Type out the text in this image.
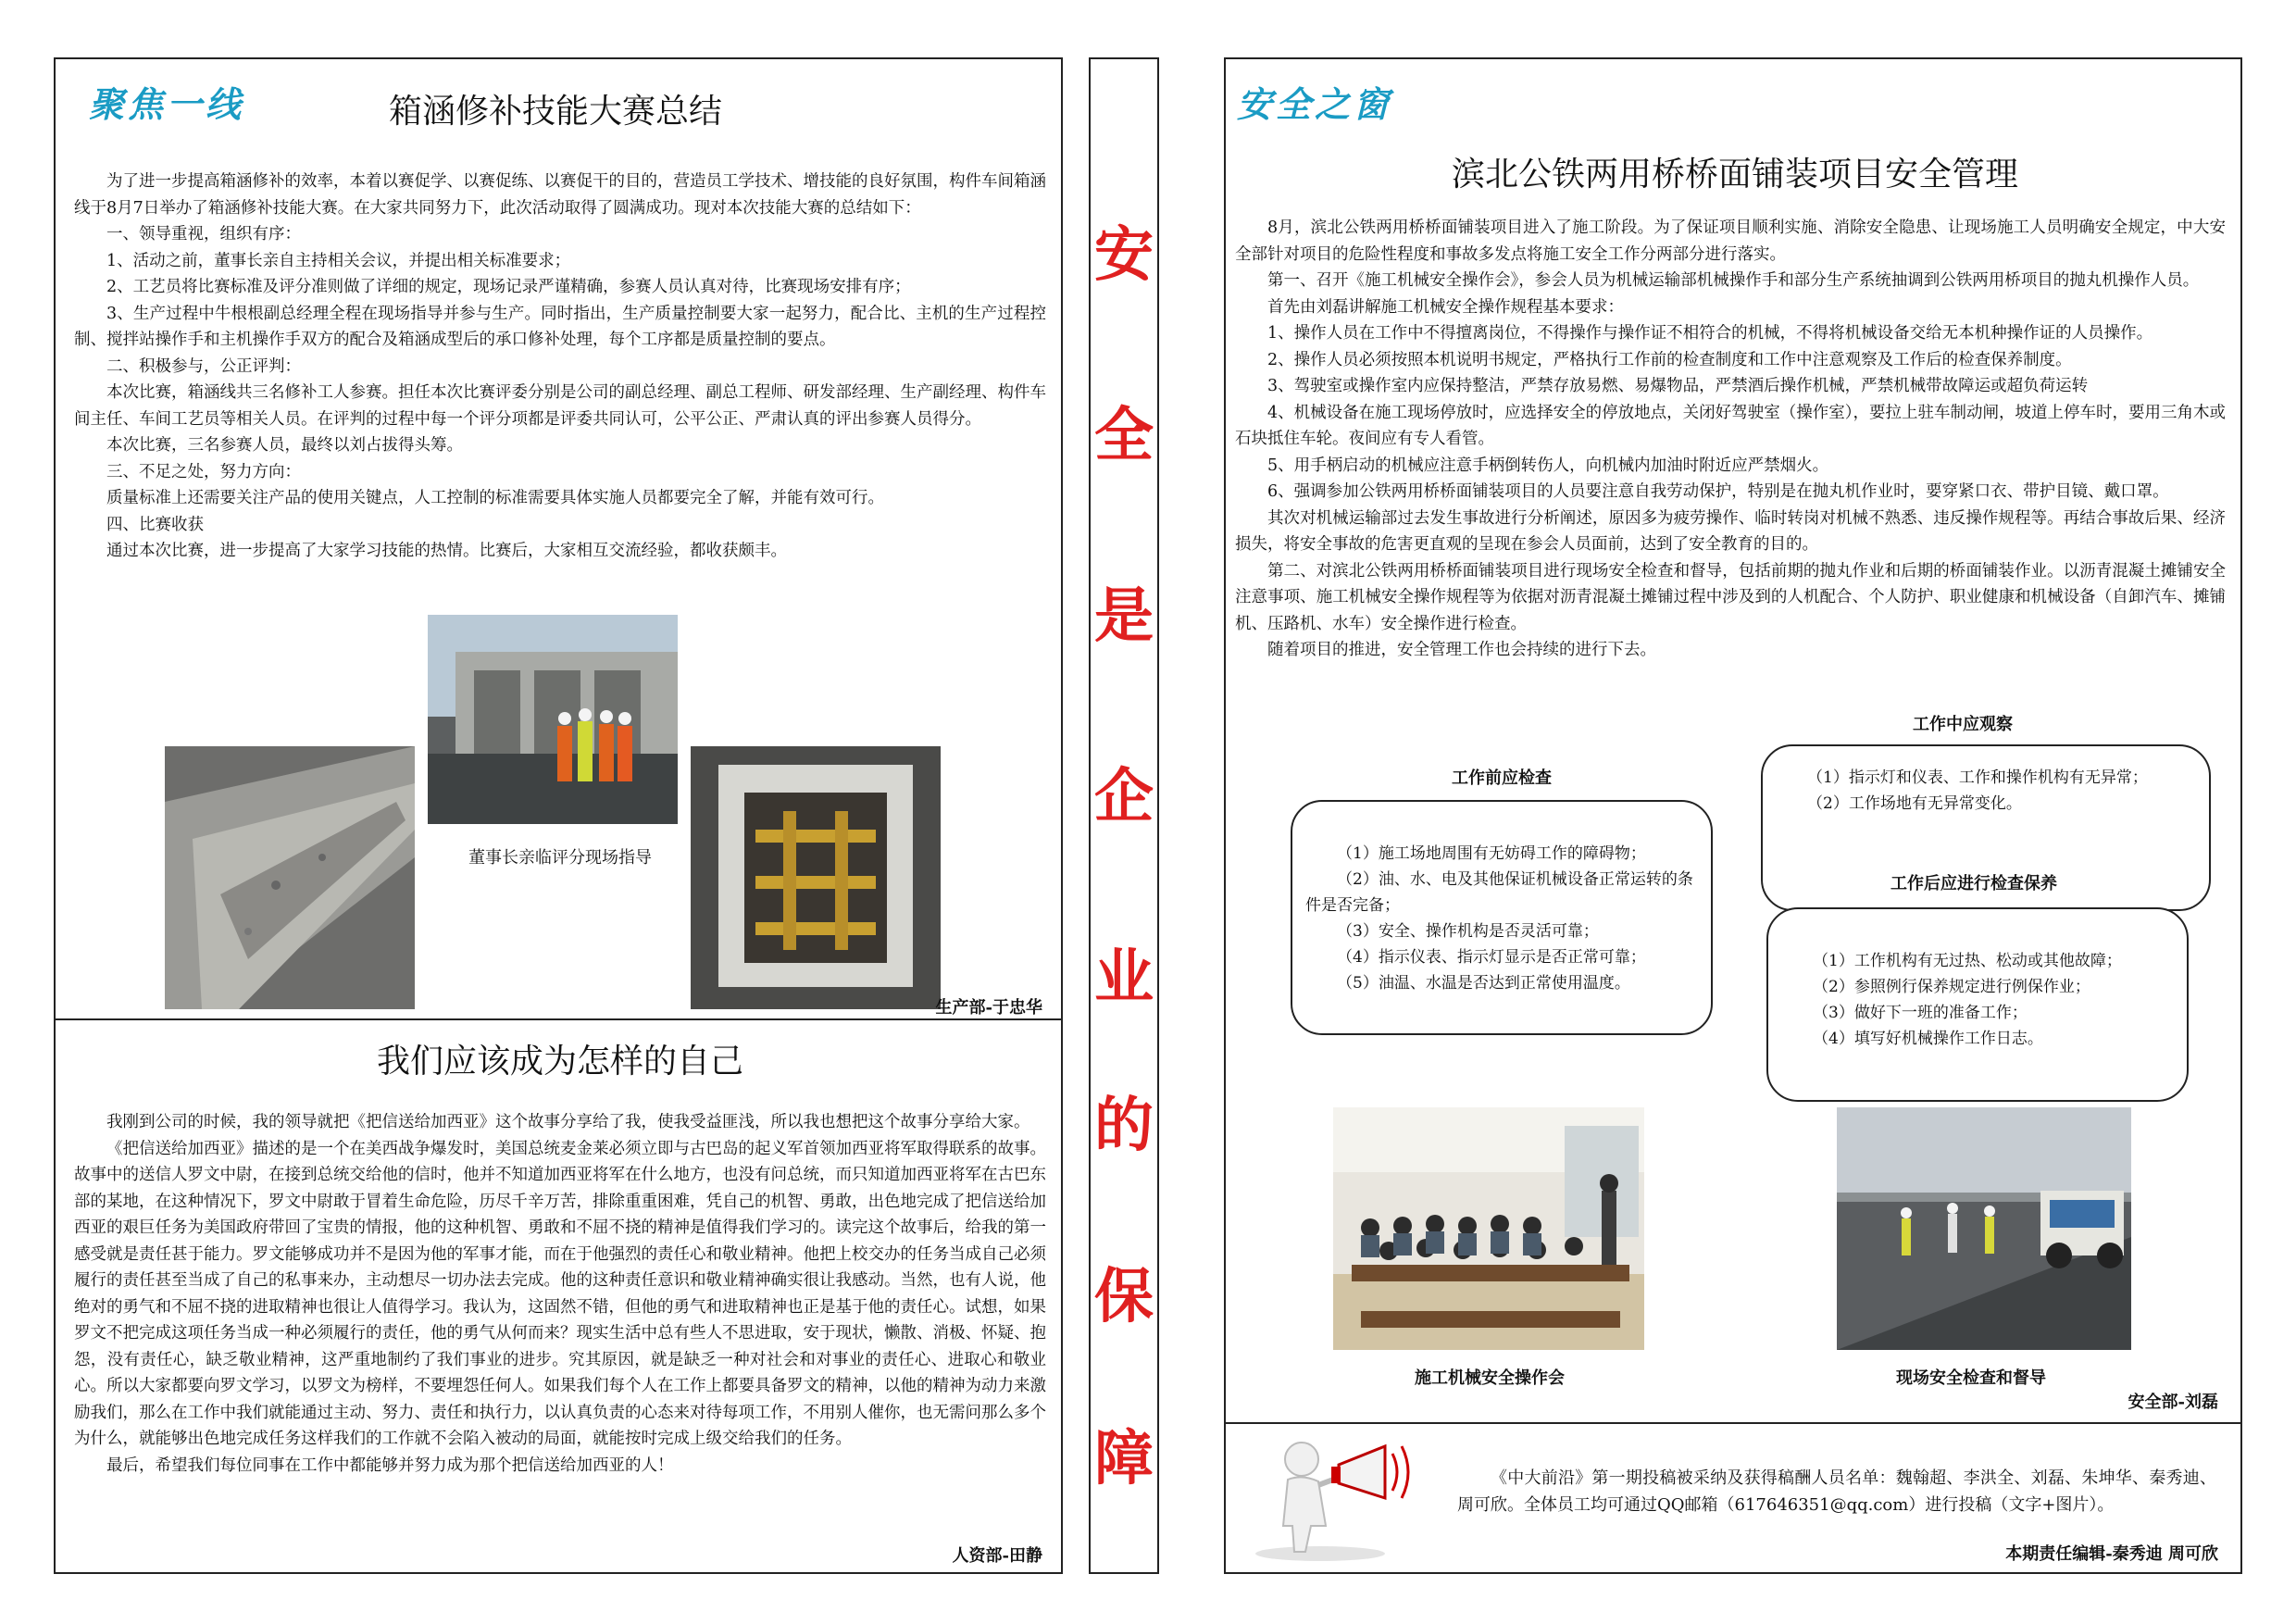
聚焦一线	箱涵修补技能大赛总结

为了进一步提高箱涵修补的效率，本着以赛促学、以赛促练、以赛促干的目的，营造员工学技术、增技能的良好氛围，构件车间箱涵线于8月7日举办了箱涵修补技能大赛。在大家共同努力下，此次活动取得了圆满成功。现对本次技能大赛的总结如下：

一、领导重视，组织有序：

1、活动之前，董事长亲自主持相关会议，并提出相关标准要求；

2、工艺员将比赛标准及评分准则做了详细的规定，现场记录严谨精确，参赛人员认真对待，比赛现场安排有序；

3、生产过程中牛根根副总经理全程在现场指导并参与生产。同时指出，生产质量控制要大家一起努力，配合比、主机的生产过程控制、搅拌站操作手和主机操作手双方的配合及箱涵成型后的承口修补处理，每个工序都是质量控制的要点。

二、积极参与，公正评判：

本次比赛，箱涵线共三名修补工人参赛。担任本次比赛评委分别是公司的副总经理、副总工程师、研发部经理、生产副经理、构件车间主任、车间工艺员等相关人员。在评判的过程中每一个评分项都是评委共同认可，公平公正、严肃认真的评出参赛人员得分。

本次比赛，三名参赛人员，最终以刘占拔得头筹。

三、不足之处，努力方向：

质量标准上还需要关注产品的使用关键点，人工控制的标准需要具体实施人员都要完全了解，并能有效可行。

四、比赛收获

通过本次比赛，进一步提高了大家学习技能的热情。比赛后，大家相互交流经验，都收获颇丰。

董事长亲临评分现场指导
生产部-于忠华
我们应该成为怎样的自己

我刚到公司的时候，我的领导就把《把信送给加西亚》这个故事分享给了我，使我受益匪浅，所以我也想把这个故事分享给大家。

《把信送给加西亚》描述的是一个在美西战争爆发时，美国总统麦金莱必须立即与古巴岛的起义军首领加西亚将军取得联系的故事。故事中的送信人罗文中尉，在接到总统交给他的信时，他并不知道加西亚将军在什么地方，也没有问总统，而只知道加西亚将军在古巴东部的某地，在这种情况下，罗文中尉敢于冒着生命危险，历尽千辛万苦，排除重重困难，凭自己的机智、勇敢，出色地完成了把信送给加西亚的艰巨任务为美国政府带回了宝贵的情报，他的这种机智、勇敢和不屈不挠的精神是值得我们学习的。读完这个故事后，给我的第一感受就是责任甚于能力。罗文能够成功并不是因为他的军事才能，而在于他强烈的责任心和敬业精神。他把上校交办的任务当成自己必须履行的责任甚至当成了自己的私事来办，主动想尽一切办法去完成。他的这种责任意识和敬业精神确实很让我感动。当然，也有人说，他绝对的勇气和不屈不挠的进取精神也很让人值得学习。我认为，这固然不错，但他的勇气和进取精神也正是基于他的责任心。试想，如果罗文不把完成这项任务当成一种必须履行的责任，他的勇气从何而来？现实生活中总有些人不思进取，安于现状，懒散、消极、怀疑、抱怨，没有责任心，缺乏敬业精神，这严重地制约了我们事业的进步。究其原因，就是缺乏一种对社会和对事业的责任心、进取心和敬业心。所以大家都要向罗文学习，以罗文为榜样，不要埋怨任何人。如果我们每个人在工作上都要具备罗文的精神，以他的精神为动力来激励我们，那么在工作中我们就能通过主动、努力、责任和执行力，以认真负责的心态来对待每项工作，不用别人催你，也无需问那么多个为什么，就能够出色地完成任务这样我们的工作就不会陷入被动的局面，就能按时完成上级交给我们的任务。

最后，希望我们每位同事在工作中都能够并努力成为那个把信送给加西亚的人！

人资部-田静
安
全
是
企
业
的
保
障
安全之窗
滨北公铁两用桥桥面铺装项目安全管理

8月，滨北公铁两用桥桥面铺装项目进入了施工阶段。为了保证项目顺利实施、消除安全隐患、让现场施工人员明确安全规定，中大安全部针对项目的危险性程度和事故多发点将施工安全工作分两部分进行落实。

第一、召开《施工机械安全操作会》，参会人员为机械运输部机械操作手和部分生产系统抽调到公铁两用桥项目的抛丸机操作人员。

首先由刘磊讲解施工机械安全操作规程基本要求：

1、操作人员在工作中不得擅离岗位，不得操作与操作证不相符合的机械，不得将机械设备交给无本机种操作证的人员操作。

2、操作人员必须按照本机说明书规定，严格执行工作前的检查制度和工作中注意观察及工作后的检查保养制度。

3、驾驶室或操作室内应保持整洁，严禁存放易燃、易爆物品，严禁酒后操作机械，严禁机械带故障运或超负荷运转

4、机械设备在施工现场停放时，应选择安全的停放地点，关闭好驾驶室（操作室），要拉上驻车制动闸，坡道上停车时，要用三角木或石块抵住车轮。夜间应有专人看管。

5、用手柄启动的机械应注意手柄倒转伤人，向机械内加油时附近应严禁烟火。

6、强调参加公铁两用桥桥面铺装项目的人员要注意自我劳动保护，特别是在抛丸机作业时，要穿紧口衣、带护目镜、戴口罩。

其次对机械运输部过去发生事故进行分析阐述，原因多为疲劳操作、临时转岗对机械不熟悉、违反操作规程等。再结合事故后果、经济损失，将安全事故的危害更直观的呈现在参会人员面前，达到了安全教育的目的。

第二、对滨北公铁两用桥桥面铺装项目进行现场安全检查和督导，包括前期的抛丸作业和后期的桥面铺装作业。以沥青混凝土摊铺安全注意事项、施工机械安全操作规程等为依据对沥青混凝土摊铺过程中涉及到的人机配合、个人防护、职业健康和机械设备（自卸汽车、摊铺机、压路机、水车）安全操作进行检查。

随着项目的推进，安全管理工作也会持续的进行下去。

工作中应观察
（1）指示灯和仪表、工作和操作机构有无异常；
（2）工作场地有无异常变化。
工作前应检查
（1）施工场地周围有无妨碍工作的障碍物；
（2）油、水、电及其他保证机械设备正常运转的条件是否完备；
（3）安全、操作机构是否灵活可靠；
（4）指示仪表、指示灯显示是否正常可靠；
（5）油温、水温是否达到正常使用温度。
工作后应进行检查保养
（1）工作机构有无过热、松动或其他故障；
（2）参照例行保养规定进行例保作业；
（3）做好下一班的准备工作；
（4）填写好机械操作工作日志。
施工机械安全操作会	现场安全检查和督导
安全部-刘磊

《中大前沿》第一期投稿被采纳及获得稿酬人员名单：魏翰超、李洪全、刘磊、朱坤华、秦秀迪、周可欣。全体员工均可通过QQ邮箱（617646351@qq.com）进行投稿（文字+图片）。

本期责任编辑-秦秀迪 周可欣
